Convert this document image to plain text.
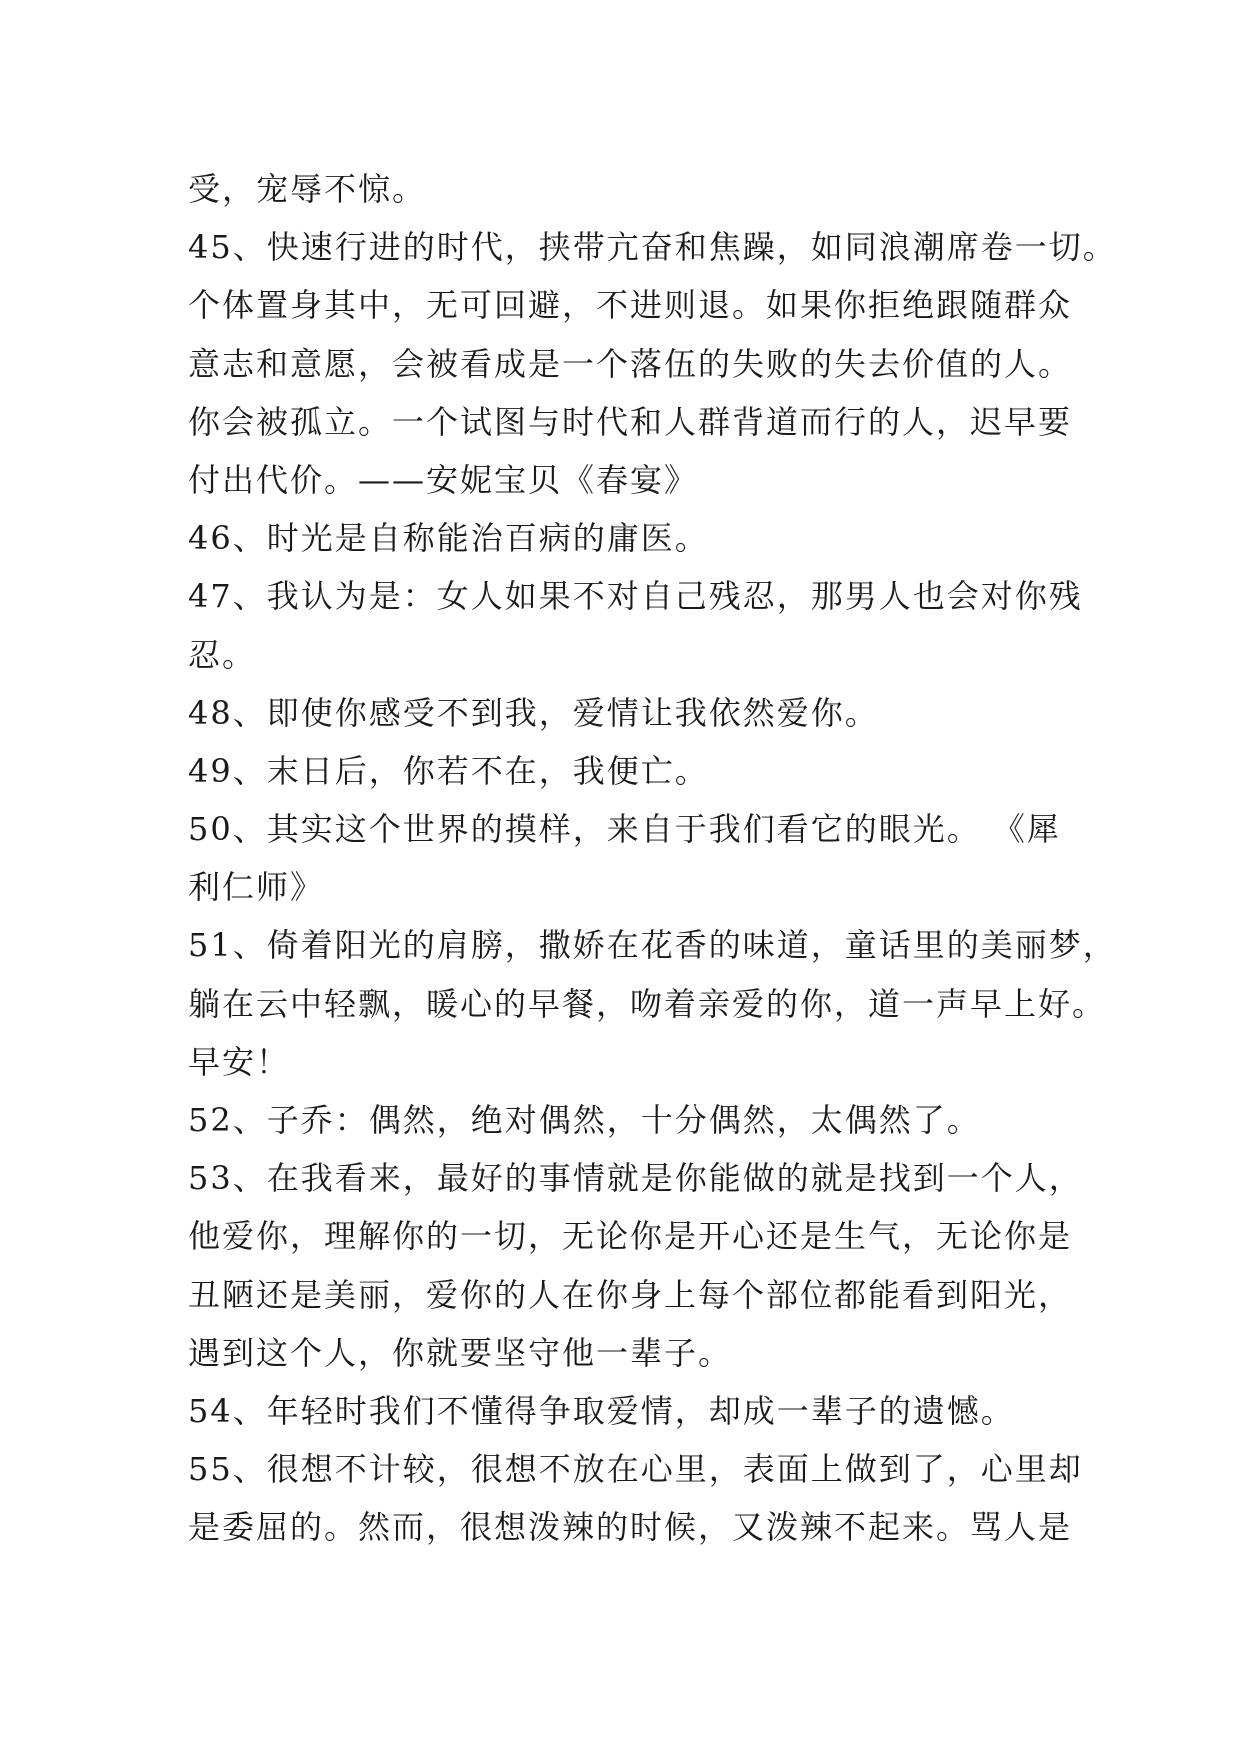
受，宠辱不惊。
45、快速行进的时代，挟带亢奋和焦躁，如同浪潮席卷一切。
个体置身其中，无可回避，不进则退。如果你拒绝跟随群众
意志和意愿，会被看成是一个落伍的失败的失去价值的人。
你会被孤立。一个试图与时代和人群背道而行的人，迟早要
付出代价。——安妮宝贝《春宴》
46、时光是自称能治百病的庸医。
47、我认为是：女人如果不对自己残忍，那男人也会对你残
忍。
48、即使你感受不到我，爱情让我依然爱你。
49、末日后，你若不在，我便亡。
50、其实这个世界的摸样，来自于我们看它的眼光。 《犀
利仁师》
51、倚着阳光的肩膀，撒娇在花香的味道，童话里的美丽梦，
躺在云中轻飘，暖心的早餐，吻着亲爱的你，道一声早上好。
早安！
52、子乔：偶然，绝对偶然，十分偶然，太偶然了。
53、在我看来，最好的事情就是你能做的就是找到一个人，
他爱你，理解你的一切，无论你是开心还是生气，无论你是
丑陋还是美丽，爱你的人在你身上每个部位都能看到阳光，
遇到这个人，你就要坚守他一辈子。
54、年轻时我们不懂得争取爱情，却成一辈子的遗憾。
55、很想不计较，很想不放在心里，表面上做到了，心里却
是委屈的。然而，很想泼辣的时候，又泼辣不起来。骂人是
